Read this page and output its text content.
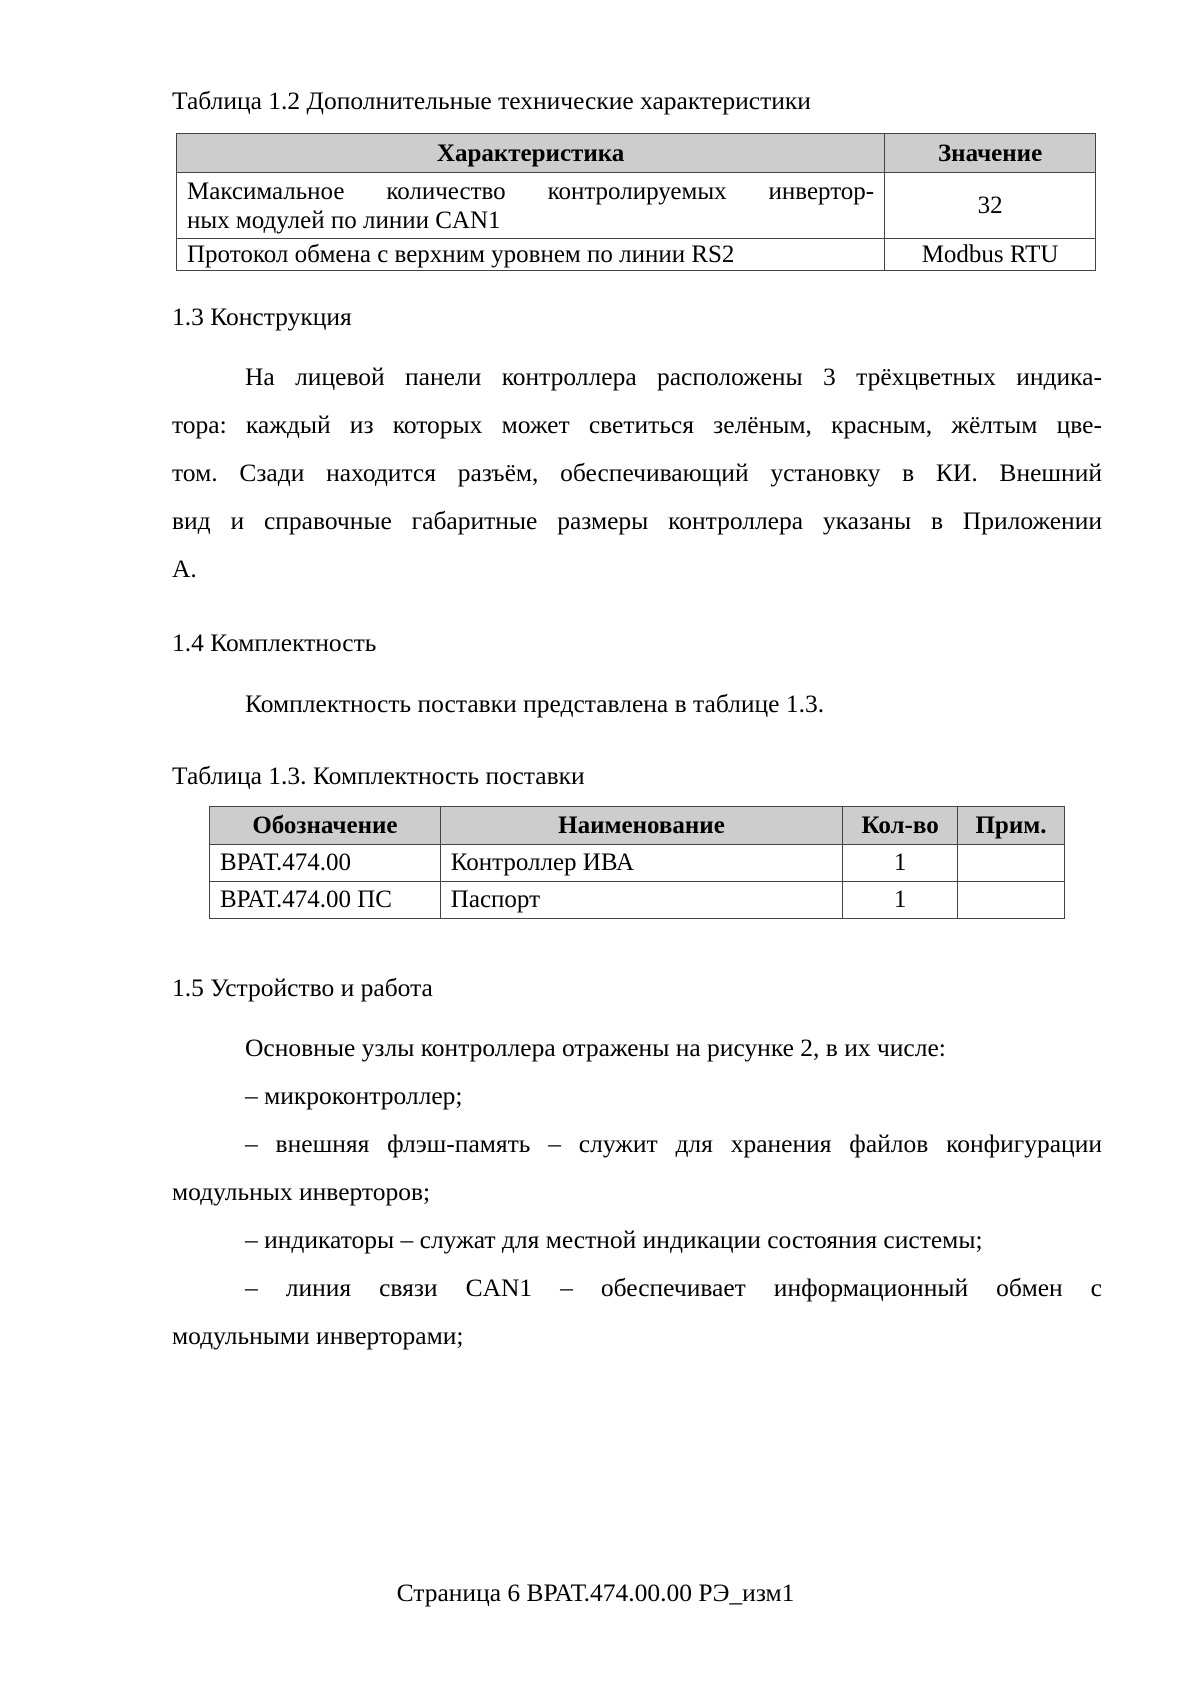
Таблица 1.2 Дополнительные технические характеристики
Характеристика	Значение

Максимальное количество контролируемых инвертор-
ных модулей по линии CAN1	32
Протокол обмена с верхним уровнем по линии RS2	Modbus RTU
1.3 Конструкция
На лицевой панели контроллера расположены 3 трёхцветных индика-
тора: каждый из которых может светиться зелёным, красным, жёлтым цве-
том. Сзади находится разъём, обеспечивающий установку в КИ. Внешний
вид и справочные габаритные размеры контроллера указаны в Приложении
А.
1.4 Комплектность
Комплектность поставки представлена в таблице 1.3.
Таблица 1.3. Комплектность поставки
Обозначение	Наименование	Кол-во	Прим.
ВРАТ.474.00	Контроллер ИВА	1	
ВРАТ.474.00 ПС	Паспорт	1	
1.5 Устройство и работа
Основные узлы контроллера отражены на рисунке 2, в их числе:
– микроконтроллер;
– внешняя флэш-память – служит для хранения файлов конфигурации
модульных инверторов;
– индикаторы – служат для местной индикации состояния системы;
– линия связи CAN1 – обеспечивает информационный обмен с
модульными инверторами;
Страница 6 ВРАТ.474.00.00 РЭ_изм1
